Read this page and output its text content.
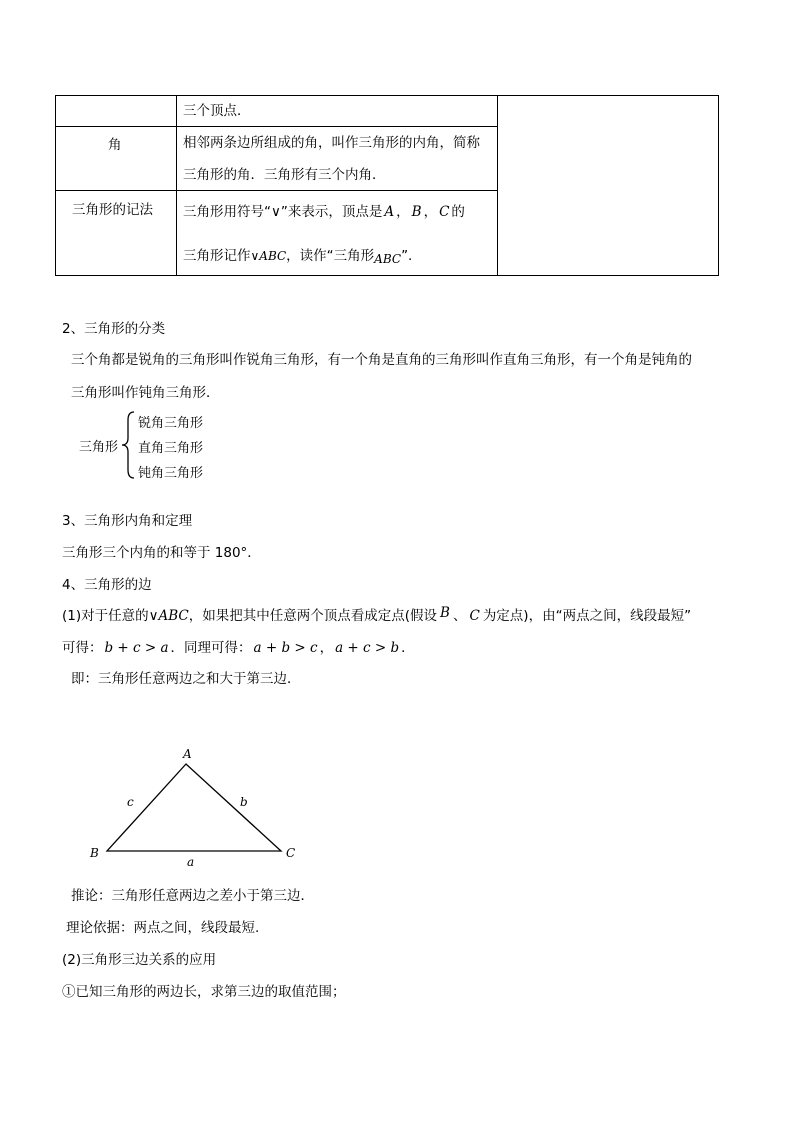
三个顶点．
角	相邻两条边所组成的角，叫作三角形的内角，简称
三角形的角．三角形有三个内角．
三角形的记法 三角形用符号“∨”来表示，顶点是 A ， B ， C 的
三角形记作∨ABC，读作“三角形ABC”.
2、三角形的分类
三个角都是锐角的三角形叫作锐角三角形，有一个角是直角的三角形叫作直角三角形，有一个角是钝角的
三角形叫作钝角三角形．
三角形
锐角三角形
直角三角形
钝角三角形
3、三角形内角和定理
三角形三个内角的和等于 180°．
4、三角形的边
(1)对于任意的∨ABC，如果把其中任意两个顶点看成定点(假设 B 、 C 为定点)，由“两点之间，线段最短”
可得： b + c > a ．同理可得： a + b > c ， a + c > b ．
即：三角形任意两边之和大于第三边．
A
B	C
c	b
a
推论：三角形任意两边之差小于第三边．
理论依据：两点之间，线段最短.
(2)三角形三边关系的应用
①已知三角形的两边长，求第三边的取值范围；
